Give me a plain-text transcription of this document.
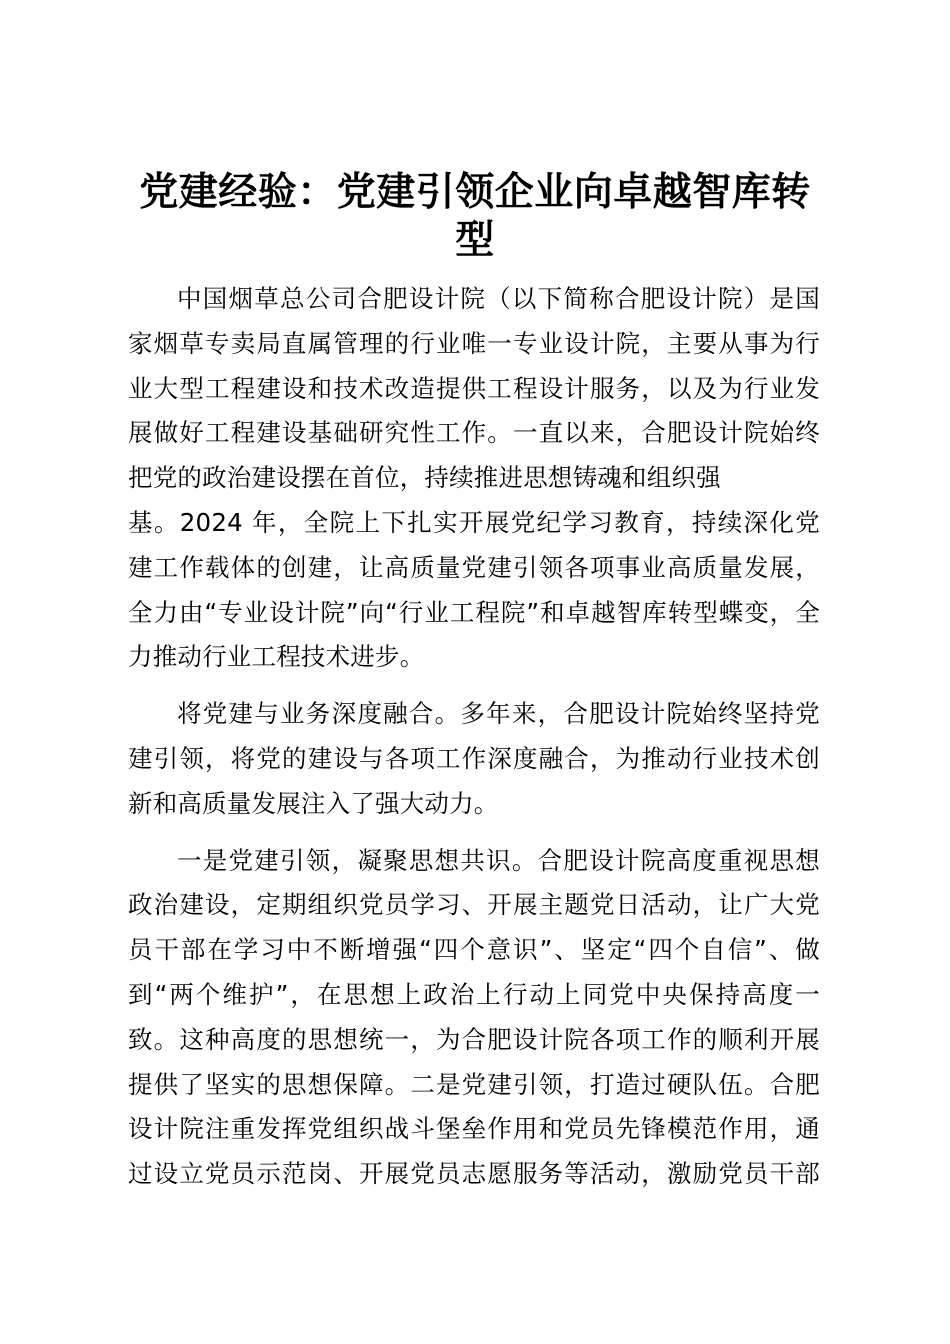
党建经验：党建引领企业向卓越智库转型

中国烟草总公司合肥设计院（以下简称合肥设计院）是国
家烟草专卖局直属管理的行业唯一专业设计院，主要从事为行
业大型工程建设和技术改造提供工程设计服务，以及为行业发
展做好工程建设基础研究性工作。一直以来，合肥设计院始终
把党的政治建设摆在首位，持续推进思想铸魂和组织强
基。2024 年，全院上下扎实开展党纪学习教育，持续深化党
建工作载体的创建，让高质量党建引领各项事业高质量发展，
全力由“专业设计院”向“行业工程院”和卓越智库转型蝶变，全
力推动行业工程技术进步。

将党建与业务深度融合。多年来，合肥设计院始终坚持党
建引领，将党的建设与各项工作深度融合，为推动行业技术创
新和高质量发展注入了强大动力。

一是党建引领，凝聚思想共识。合肥设计院高度重视思想
政治建设，定期组织党员学习、开展主题党日活动，让广大党
员干部在学习中不断增强“四个意识”、坚定“四个自信”、做
到“两个维护”，在思想上政治上行动上同党中央保持高度一
致。这种高度的思想统一，为合肥设计院各项工作的顺利开展
提供了坚实的思想保障。二是党建引领，打造过硬队伍。合肥
设计院注重发挥党组织战斗堡垒作用和党员先锋模范作用，通
过设立党员示范岗、开展党员志愿服务等活动，激励党员干部
